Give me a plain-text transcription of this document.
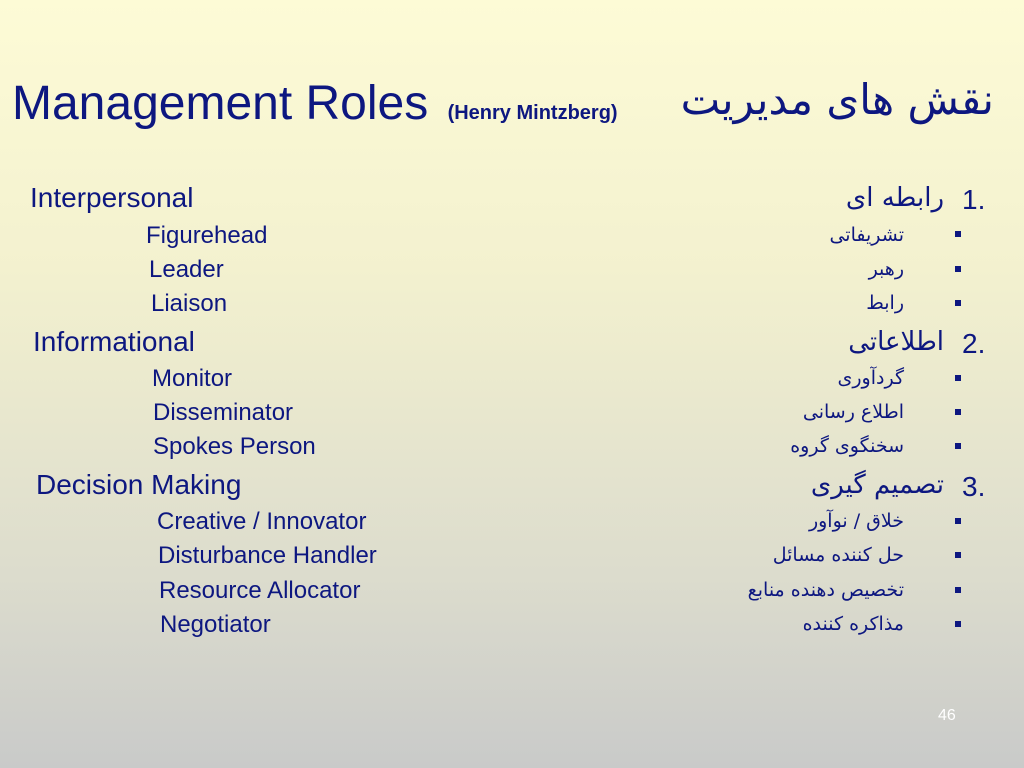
Management Roles (Henry Mintzberg) نقش های مدیریت
Interpersonal	رابطه ای 1.
Figurehead	تشریفاتی
Leader	رهبر
Liaison	رابط
Informational	اطلاعاتی 2.
Monitor	گردآوری
Disseminator	اطلاع رسانی
Spokes Person	سخنگوی گروه
Decision Making	تصمیم گیری 3.
Creative / Innovator	خلاق / نوآور
Disturbance Handler	حل کننده مسائل
Resource Allocator	تخصیص دهنده منابع
Negotiator	مذاکره کننده
46
